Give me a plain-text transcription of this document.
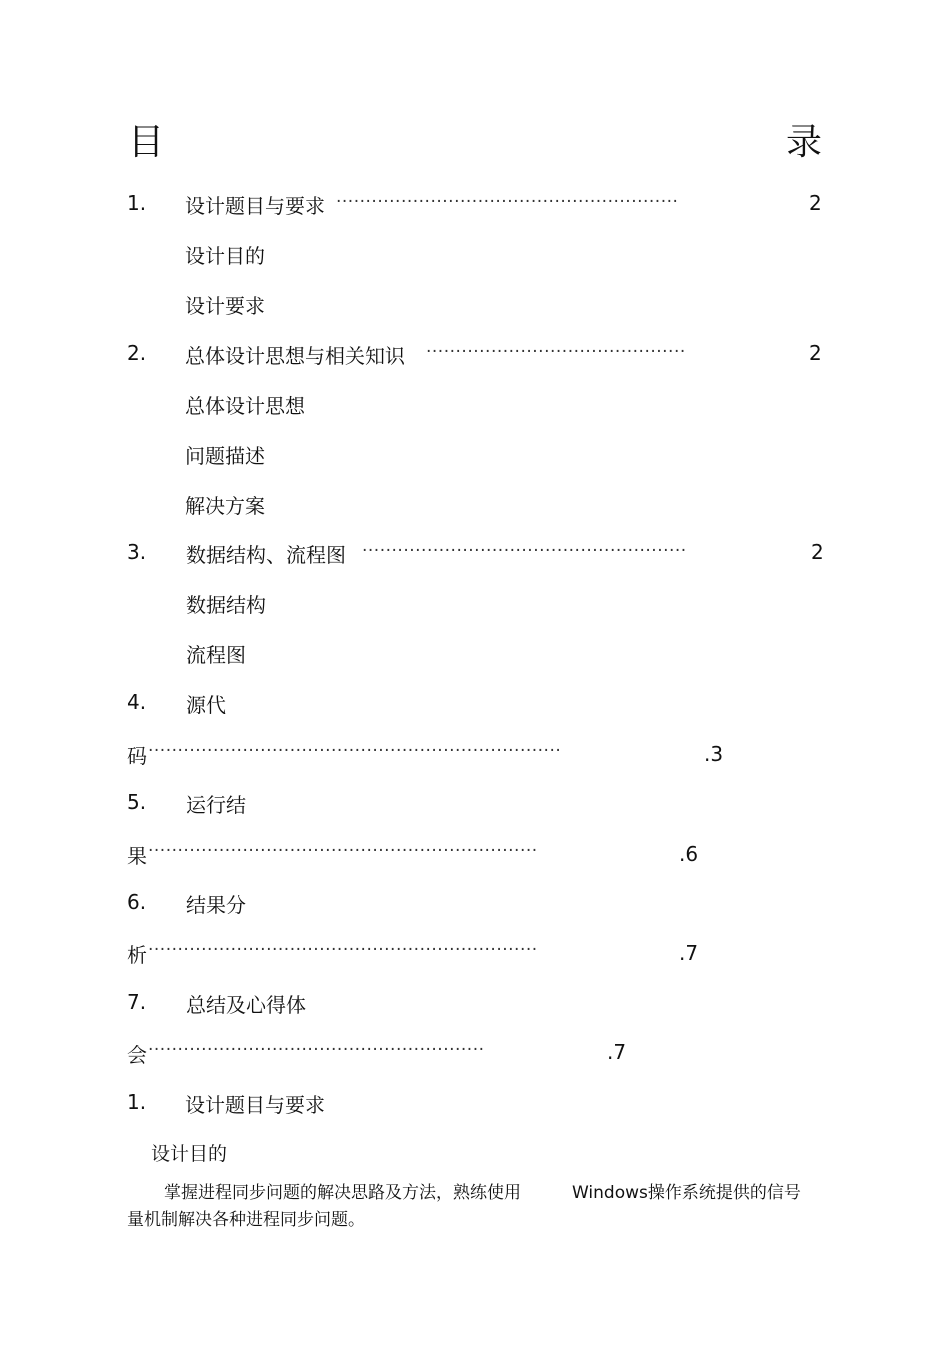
目	录
1. 设计题目与要求 ··························································	2
设计目的
设计要求
2. 总体设计思想与相关知识 ············································	2
总体设计思想
问题描述
解决方案
3. 数据结构、流程图 ·······················································	2
数据结构
流程图
4. 源代
码 ······································································	.3
5. 运行结
果 ··································································	.6
6. 结果分
析 ··································································	.7
7. 总结及心得体
会 ·························································	.7
1. 设计题目与要求
设计目的
掌握进程同步问题的解决思路及方法，熟练使用	Windows操作系统提供的信号
量机制解决各种进程同步问题。
